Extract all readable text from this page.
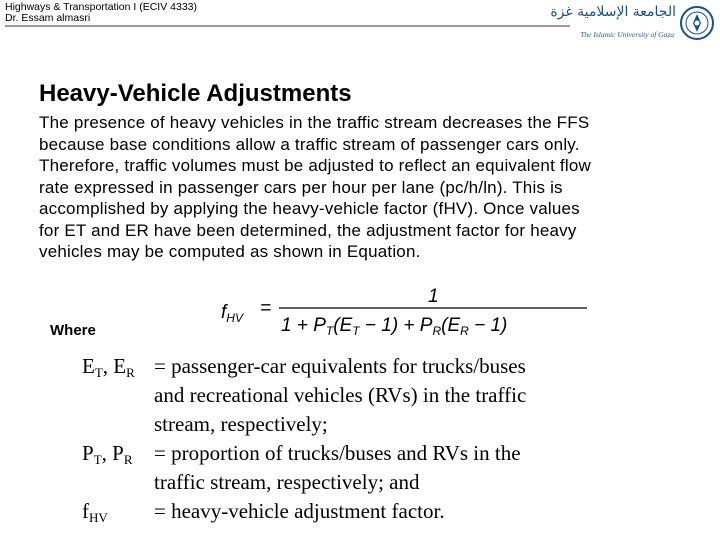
Highways & Transportation I (ECIV 4333)
Dr. Essam almasri	الجامعة الإسلامية غزة
The Islamic University of Gaza
Heavy-Vehicle Adjustments
The presence of heavy vehicles in the traffic stream decreases the FFS
because base conditions allow a traffic stream of passenger cars only.
Therefore, traffic volumes must be adjusted to reflect an equivalent flow
rate expressed in passenger cars per hour per lane (pc/h/ln). This is
accomplished by applying the heavy-vehicle factor (fHV). Once values
for ET and ER have been determined, the adjustment factor for heavy
vehicles may be computed as shown in Equation.
$f_{HV}$ =
1
$1 + P_T(E_T - 1) + P_R(E_R - 1)$
Where
$E_T$, $E_R$ = passenger-car equivalents for trucks/buses
and recreational vehicles (RVs) in the traffic
stream, respectively;
$P_T$, $P_R$ = proportion of trucks/buses and RVs in the
traffic stream, respectively; and
$f_{HV}$ = heavy-vehicle adjustment factor.
